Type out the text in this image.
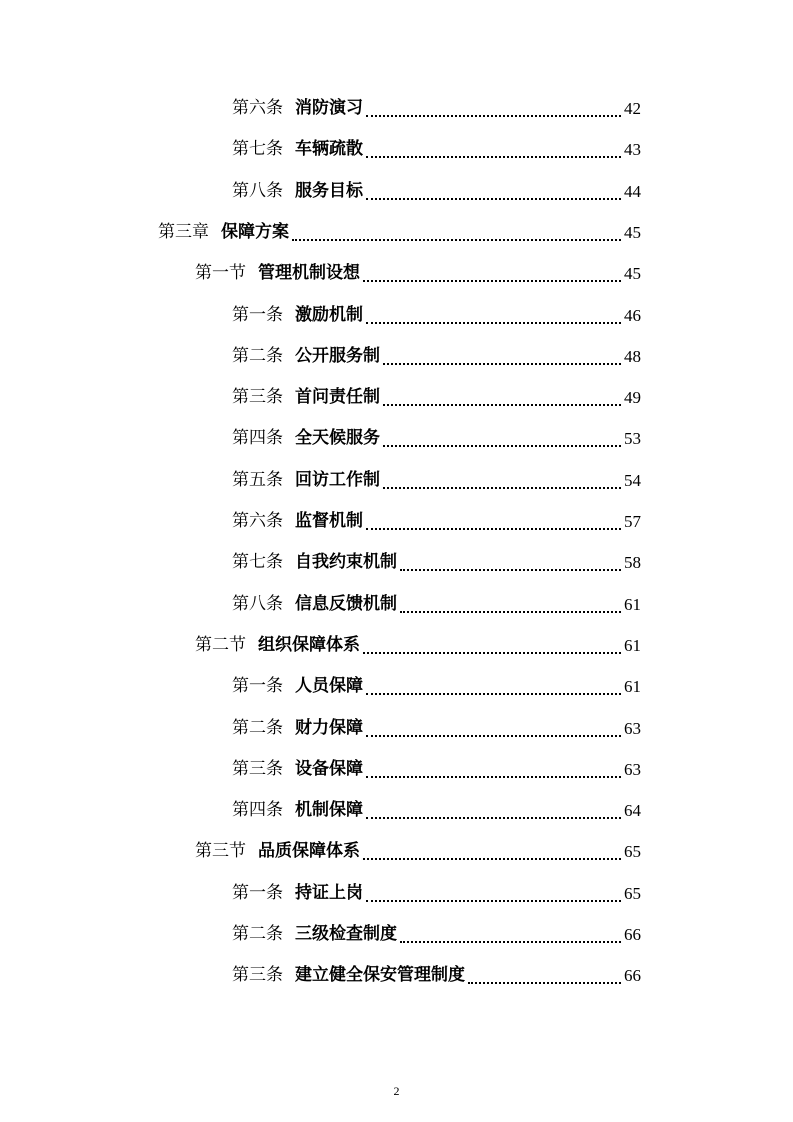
第六条 消防演习	42
第七条 车辆疏散	43
第八条 服务目标	44
第三章 保障方案	45
第一节 管理机制设想	45
第一条 激励机制	46
第二条 公开服务制	48
第三条 首问责任制	49
第四条 全天候服务	53
第五条 回访工作制	54
第六条 监督机制	57
第七条 自我约束机制	58
第八条 信息反馈机制	61
第二节 组织保障体系	61
第一条 人员保障	61
第二条 财力保障	63
第三条 设备保障	63
第四条 机制保障	64
第三节 品质保障体系	65
第一条 持证上岗	65
第二条 三级检查制度	66
第三条 建立健全保安管理制度	66
2
